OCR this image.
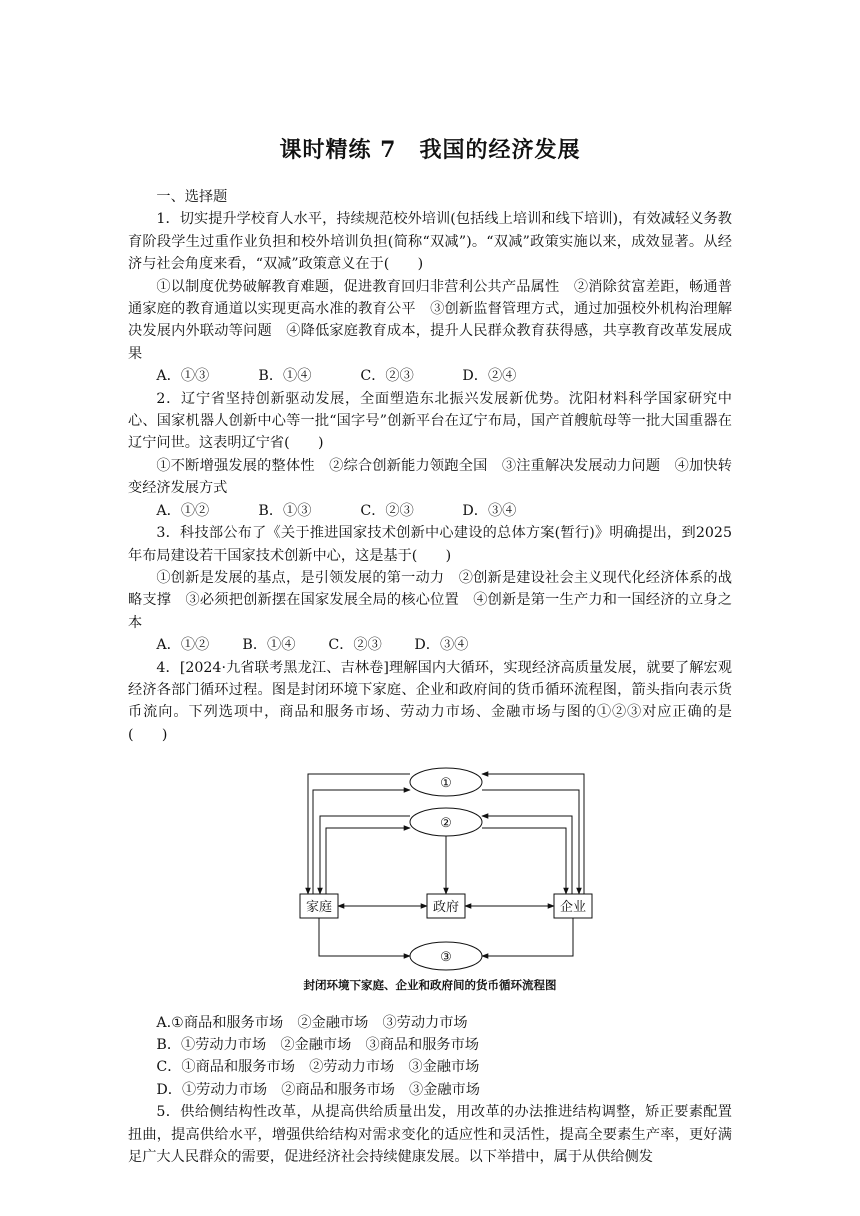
课时精练 7　我国的经济发展

一、选择题

1．切实提升学校育人水平，持续规范校外培训(包括线上培训和线下培训)，有效减轻义务教育阶段学生过重作业负担和校外培训负担(简称“双减”)。“双减”政策实施以来，成效显著。从经济与社会角度来看，“双减”政策意义在于(　　)

①以制度优势破解教育难题，促进教育回归非营利公共产品属性　②消除贫富差距，畅通普通家庭的教育通道以实现更高水准的教育公平　③创新监督管理方式，通过加强校外机构治理解决发展内外联动等问题　④降低家庭教育成本，提升人民群众教育获得感，共享教育改革发展成果

A．①③	B．①④	C．②③	D．②④

2．辽宁省坚持创新驱动发展，全面塑造东北振兴发展新优势。沈阳材料科学国家研究中心、国家机器人创新中心等一批“国字号”创新平台在辽宁布局，国产首艘航母等一批大国重器在辽宁问世。这表明辽宁省(　　)

①不断增强发展的整体性　②综合创新能力领跑全国　③注重解决发展动力问题　④加快转变经济发展方式

A．①②	B．①③	C．②③	D．③④

3．科技部公布了《关于推进国家技术创新中心建设的总体方案(暂行)》明确提出，到2025年布局建设若干国家技术创新中心，这是基于(　　)

①创新是发展的基点，是引领发展的第一动力　②创新是建设社会主义现代化经济体系的战略支撑　③必须把创新摆在国家发展全局的核心位置　④创新是第一生产力和一国经济的立身之本

A．①② B．①④ C．②③ D．③④

4．[2024·九省联考黑龙江、吉林卷]理解国内大循环，实现经济高质量发展，就要了解宏观经济各部门循环过程。图是封闭环境下家庭、企业和政府间的货币循环流程图，箭头指向表示货币流向。下列选项中，商品和服务市场、劳动力市场、金融市场与图的①②③对应正确的是(　　)

①
②
③
家庭	政府	企业

封闭环境下家庭、企业和政府间的货币循环流程图

A.①商品和服务市场　②金融市场　③劳动力市场

B．①劳动力市场　②金融市场　③商品和服务市场

C．①商品和服务市场　②劳动力市场　③金融市场

D．①劳动力市场　②商品和服务市场　③金融市场

5．供给侧结构性改革，从提高供给质量出发，用改革的办法推进结构调整，矫正要素配置扭曲，提高供给水平，增强供给结构对需求变化的适应性和灵活性，提高全要素生产率，更好满足广大人民群众的需要，促进经济社会持续健康发展。以下举措中，属于从供给侧发
